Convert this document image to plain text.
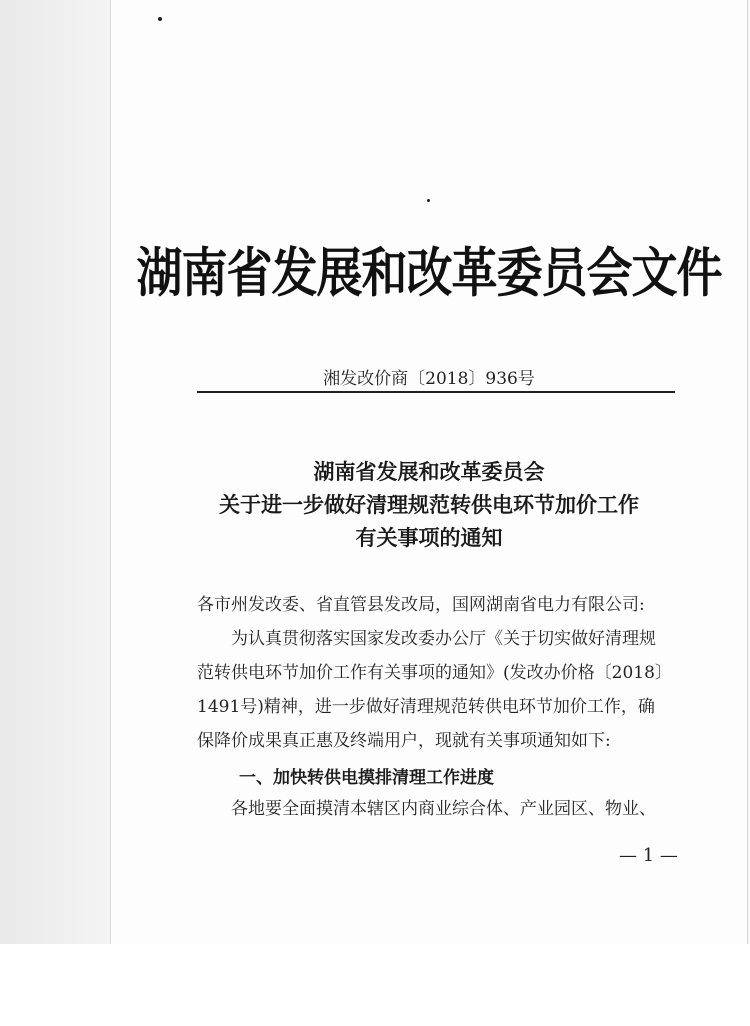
湖南省发展和改革委员会文件
湘发改价商〔2018〕936号
湖南省发展和改革委员会
关于进一步做好清理规范转供电环节加价工作
有关事项的通知
各市州发改委、省直管县发改局，国网湖南省电力有限公司:
　　为认真贯彻落实国家发改委办公厅《关于切实做好清理规
范转供电环节加价工作有关事项的通知》(发改办价格〔2018〕
1491号)精神，进一步做好清理规范转供电环节加价工作，确
保降价成果真正惠及终端用户，现就有关事项通知如下:
一、加快转供电摸排清理工作进度
　　各地要全面摸清本辖区内商业综合体、产业园区、物业、
— 1 —
